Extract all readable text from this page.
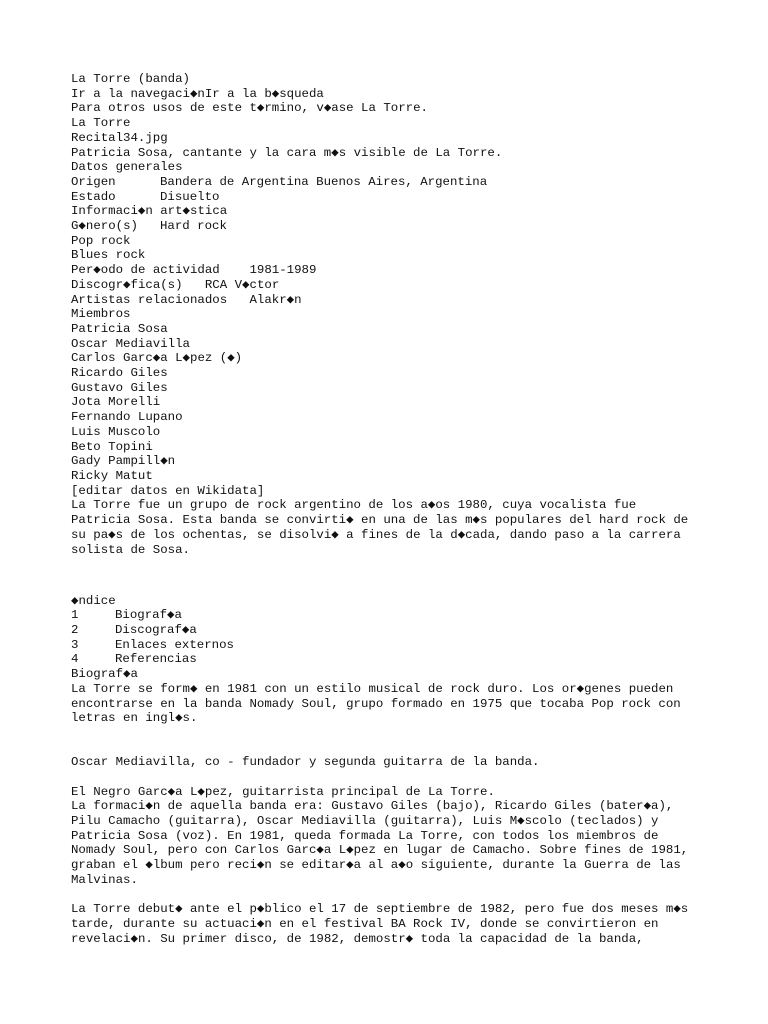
La Torre (banda)
Ir a la navegaci◆nIr a la b◆squeda
Para otros usos de este t◆rmino, v◆ase La Torre.
La Torre
Recital34.jpg
Patricia Sosa, cantante y la cara m◆s visible de La Torre.
Datos generales
Origen	Bandera de Argentina Buenos Aires, Argentina
Estado	Disuelto
Informaci◆n art◆stica
G◆nero(s) Hard rock
Pop rock
Blues rock
Per◆odo de actividad 1981-1989
Discogr◆fica(s) RCA V◆ctor
Artistas relacionados Alakr◆n
Miembros
Patricia Sosa
Oscar Mediavilla
Carlos Garc◆a L◆pez (◆)
Ricardo Giles
Gustavo Giles
Jota Morelli
Fernando Lupano
Luis Muscolo
Beto Topini
Gady Pampill◆n
Ricky Matut
[editar datos en Wikidata]
La Torre fue un grupo de rock argentino de los a◆os 1980, cuya vocalista fue
Patricia Sosa. Esta banda se convirti◆ en una de las m◆s populares del hard rock de
su pa◆s de los ochentas, se disolvi◆ a fines de la d◆cada, dando paso a la carrera
solista de Sosa.
◆ndice
1	Biograf◆a
2	Discograf◆a
3	Enlaces externos
4	Referencias
Biograf◆a
La Torre se form◆ en 1981 con un estilo musical de rock duro. Los or◆genes pueden
encontrarse en la banda Nomady Soul, grupo formado en 1975 que tocaba Pop rock con
letras en ingl◆s.
Oscar Mediavilla, co - fundador y segunda guitarra de la banda.
El Negro Garc◆a L◆pez, guitarrista principal de La Torre.
La formaci◆n de aquella banda era: Gustavo Giles (bajo), Ricardo Giles (bater◆a),
Pilu Camacho (guitarra), Oscar Mediavilla (guitarra), Luis M◆scolo (teclados) y
Patricia Sosa (voz). En 1981, queda formada La Torre, con todos los miembros de
Nomady Soul, pero con Carlos Garc◆a L◆pez en lugar de Camacho. Sobre fines de 1981,
graban el ◆lbum pero reci◆n se editar◆a al a◆o siguiente, durante la Guerra de las
Malvinas.
La Torre debut◆ ante el p◆blico el 17 de septiembre de 1982, pero fue dos meses m◆s
tarde, durante su actuaci◆n en el festival BA Rock IV, donde se convirtieron en
revelaci◆n. Su primer disco, de 1982, demostr◆ toda la capacidad de la banda,
